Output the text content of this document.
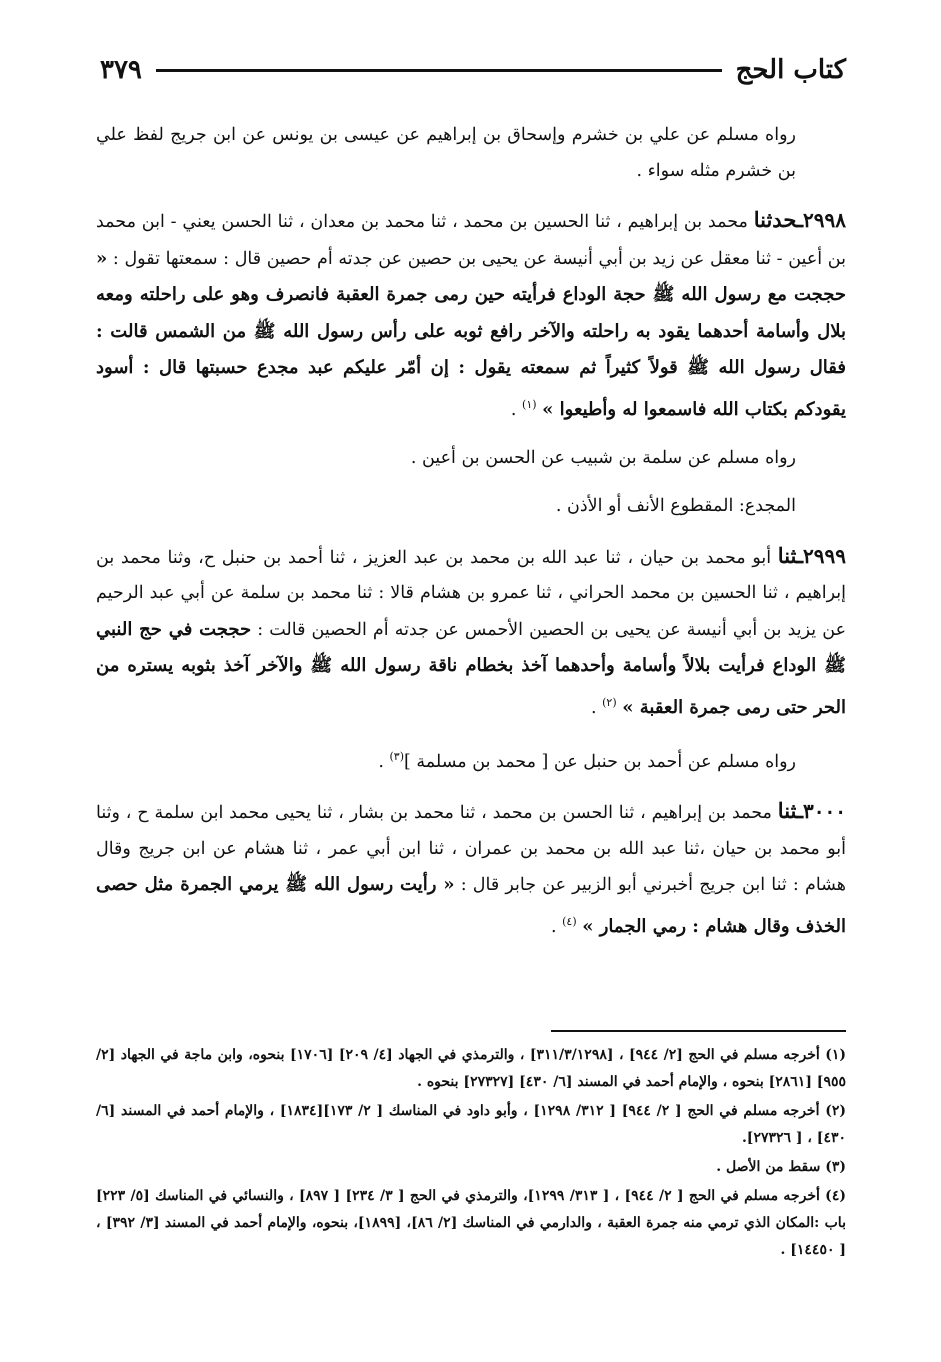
كتاب الحج
٣٧٩

رواه مسلم عن علي بن خشرم وإسحاق بن إبراهيم عن عيسى بن يونس عن ابن جريج لفظ علي بن خشرم مثله سواء .

٢٩٩٨ـحدثنا محمد بن إبراهيم ، ثنا الحسين بن محمد ، ثنا محمد بن معدان ، ثنا الحسن يعني - ابن محمد بن أعين - ثنا معقل عن زيد بن أبي أنيسة عن يحيى بن حصين عن جدته أم حصين قال : سمعتها تقول : « حججت مع رسول الله ﷺ حجة الوداع فرأيته حين رمى جمرة العقبة فانصرف وهو على راحلته ومعه بلال وأسامة أحدهما يقود به راحلته والآخر رافع ثوبه على رأس رسول الله ﷺ من الشمس قالت : فقال رسول الله ﷺ قولاً كثيراً ثم سمعته يقول : إن أمّر عليكم عبد مجدع حسبتها قال : أسود يقودكم بكتاب الله فاسمعوا له وأطيعوا » $^{(١)}$ .

رواه مسلم عن سلمة بن شبيب عن الحسن بن أعين .

المجدع: المقطوع الأنف أو الأذن .

٢٩٩٩ـثنا أبو محمد بن حيان ، ثنا عبد الله بن محمد بن عبد العزيز ، ثنا أحمد بن حنبل ح، وثنا محمد بن إبراهيم ، ثنا الحسين بن محمد الحراني ، ثنا عمرو بن هشام قالا : ثنا محمد بن سلمة عن أبي عبد الرحيم عن يزيد بن أبي أنيسة عن يحيى بن الحصين الأحمس عن جدته أم الحصين قالت : حججت في حج النبي ﷺ الوداع فرأيت بلالاً وأسامة وأحدهما آخذ بخطام ناقة رسول الله ﷺ والآخر آخذ بثوبه يستره من الحر حتى رمى جمرة العقبة » $^{(٢)}$ .

رواه مسلم عن أحمد بن حنبل عن [ محمد بن مسلمة ]$^{(٣)}$ .

٣٠٠٠ـثنا محمد بن إبراهيم ، ثنا الحسن بن محمد ، ثنا محمد بن بشار ، ثنا يحيى محمد ابن سلمة ح ، وثنا أبو محمد بن حيان ،ثنا عبد الله بن محمد بن عمران ، ثنا ابن أبي عمر ، ثنا هشام عن ابن جريج وقال هشام : ثنا ابن جريج أخبرني أبو الزبير عن جابر قال : « رأيت رسول الله ﷺ يرمي الجمرة مثل حصى الخذف وقال هشام : رمي الجمار » $^{(٤)}$ .

(١) أخرجه مسلم في الحج [٢/ ٩٤٤] ، [٣١١/٣/١٢٩٨] ، والترمذي في الجهاد [٤/ ٢٠٩] [١٧٠٦] بنحوه، وابن ماجة في الجهاد [٢/ ٩٥٥] [٢٨٦١] بنحوه ، والإمام أحمد في المسند [٦/ ٤٣٠] [٢٧٣٢٧] بنحوه .

(٢) أخرجه مسلم في الحج [ ٢/ ٩٤٤] [ ٣١٢/ ١٢٩٨] ، وأبو داود في المناسك [ ٢/ ١٧٣][١٨٣٤] ، والإمام أحمد في المسند [٦/ ٤٣٠] ، [ ٢٧٣٢٦].

(٣) سقط من الأصل .

(٤) أخرجه مسلم في الحج [ ٢/ ٩٤٤] ، [ ٣١٣/ ١٢٩٩]، والترمذي في الحج [ ٣/ ٢٣٤] [ ٨٩٧] ، والنسائي في المناسك [٥/ ٢٢٣] باب :المكان الذي ترمي منه جمرة العقبة ، والدارمي في المناسك [٢/ ٨٦]، [١٨٩٩]، بنحوه، والإمام أحمد في المسند [٣/ ٣٩٢] ، [ ١٤٤٥٠] .
